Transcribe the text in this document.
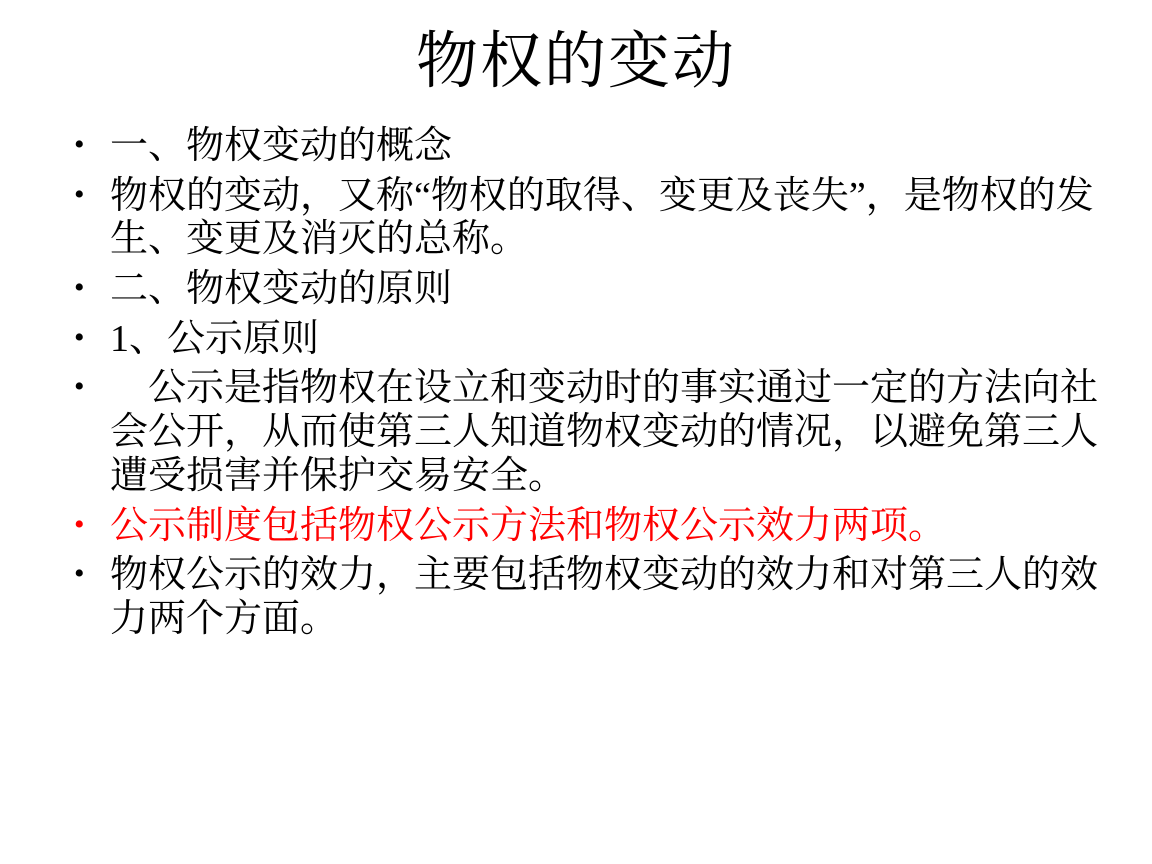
物权的变动
• 一、物权变动的概念
• 物权的变动，又称“物权的取得、变更及丧失”，是物权的发生、变更及消灭的总称。
• 二、物权变动的原则
• 1、公示原则
•     公示是指物权在设立和变动时的事实通过一定的方法向社会公开，从而使第三人知道物权变动的情况，以避免第三人遭受损害并保护交易安全。
• 公示制度包括物权公示方法和物权公示效力两项。
• 物权公示的效力，主要包括物权变动的效力和对第三人的效力两个方面。
